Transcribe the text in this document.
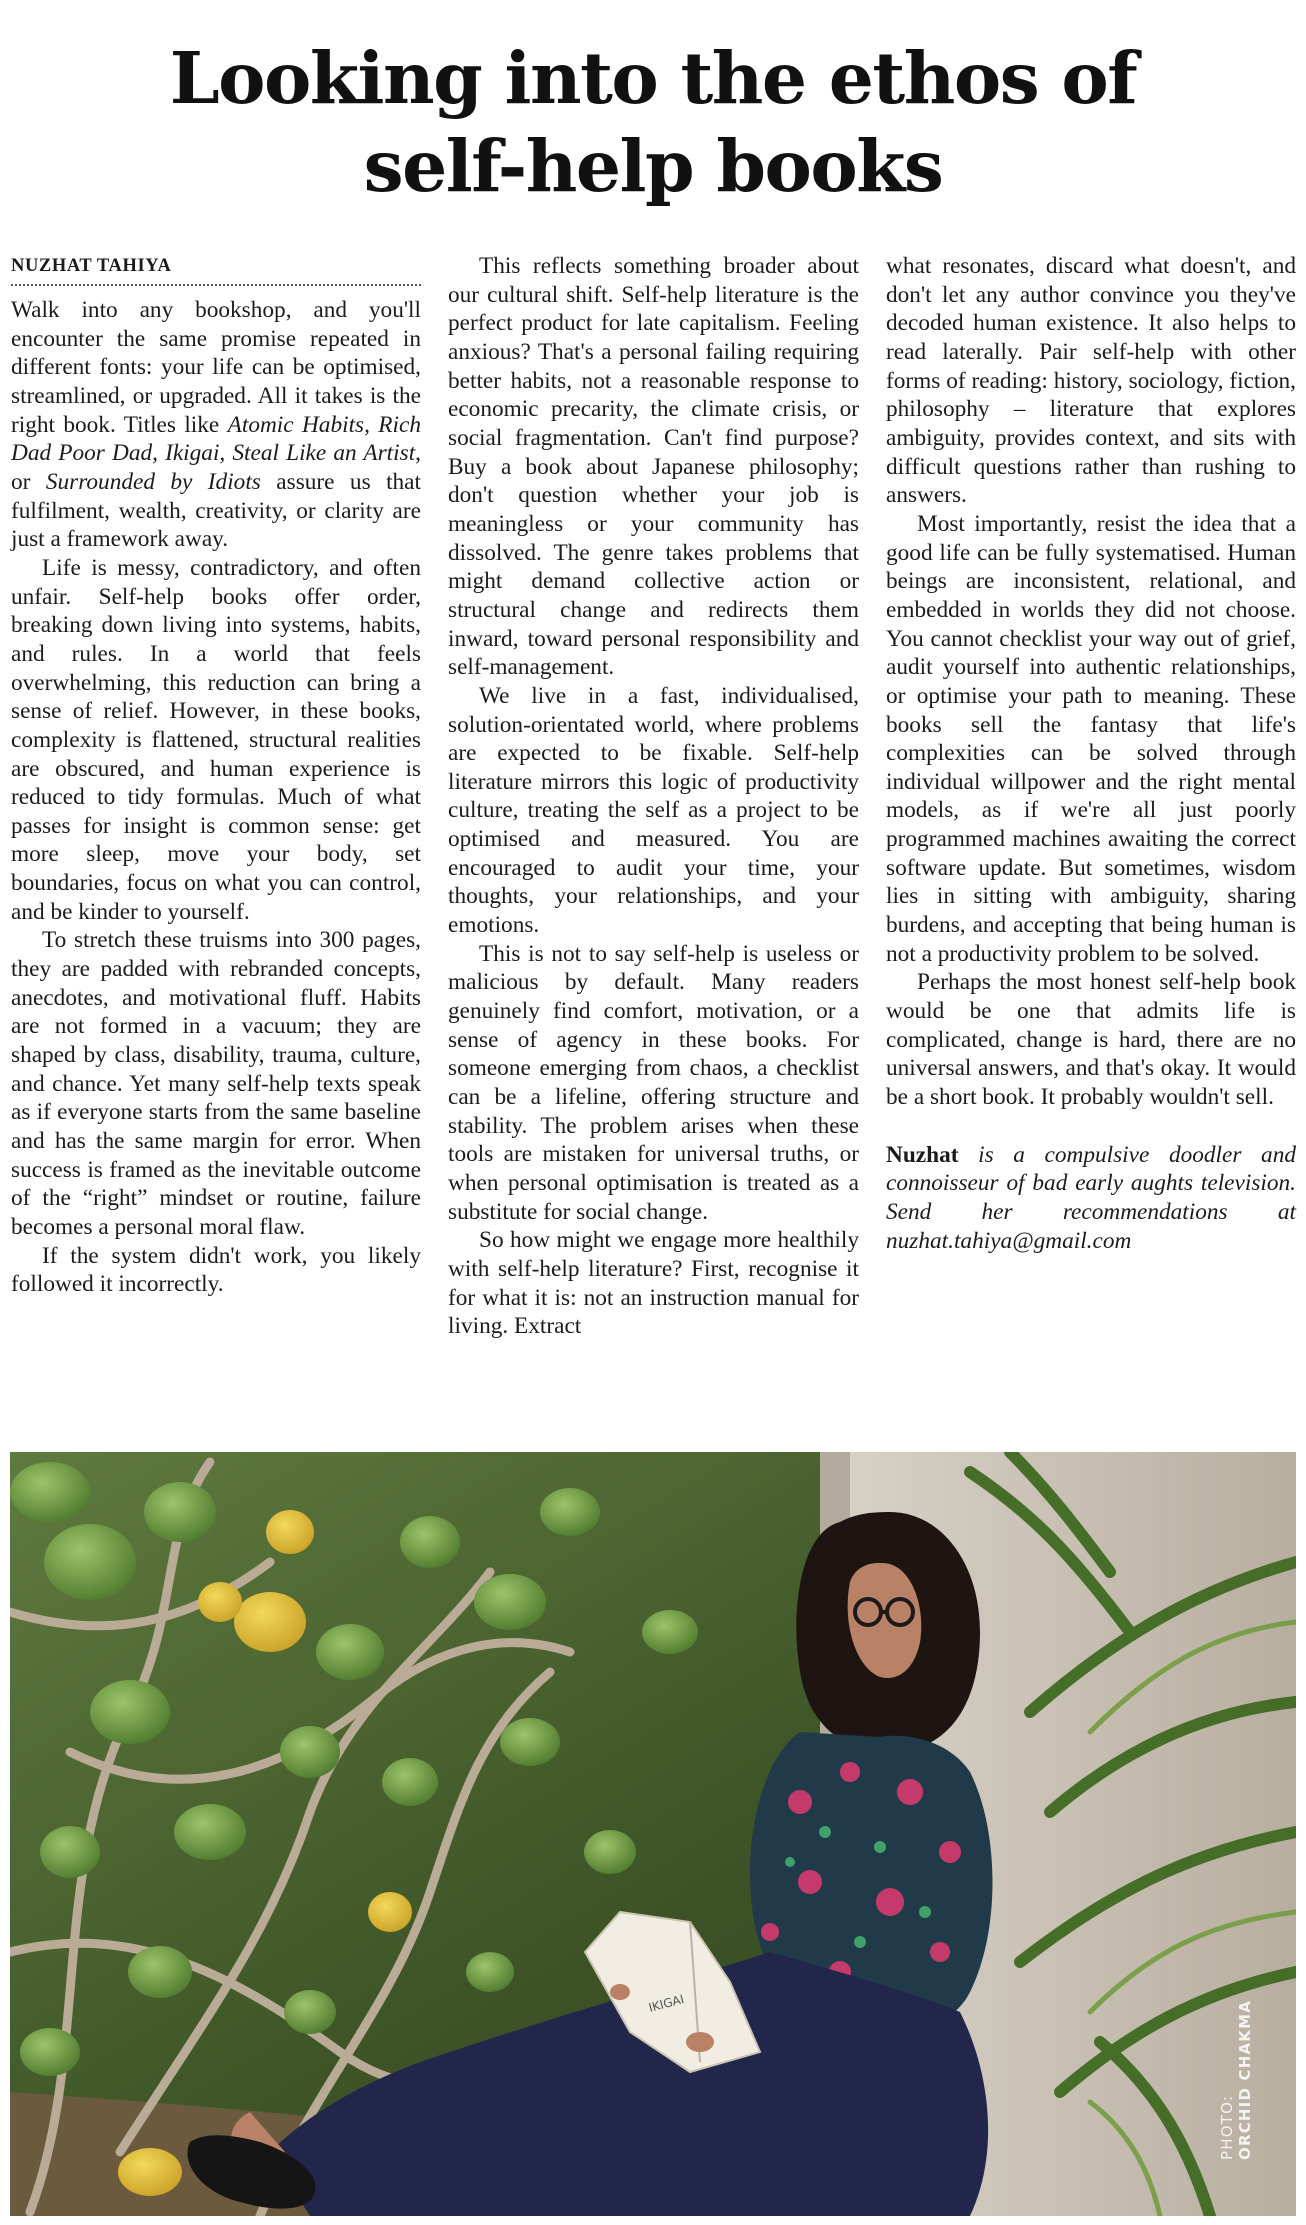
Looking into the ethos of
self-help books
NUZHAT TAHIYA

Walk into any bookshop, and you'll encounter the same promise repeated in different fonts: your life can be optimised, streamlined, or upgraded. All it takes is the right book. Titles like Atomic Habits, Rich Dad Poor Dad, Ikigai, Steal Like an Artist, or Surrounded by Idiots assure us that fulfilment, wealth, creativity, or clarity are just a framework away.

Life is messy, contradictory, and often unfair. Self-help books offer order, breaking down living into systems, habits, and rules. In a world that feels overwhelming, this reduction can bring a sense of relief. However, in these books, complexity is flattened, structural realities are obscured, and human experience is reduced to tidy formulas. Much of what passes for insight is common sense: get more sleep, move your body, set boundaries, focus on what you can control, and be kinder to yourself.

To stretch these truisms into 300 pages, they are padded with rebranded concepts, anecdotes, and motivational fluff. Habits are not formed in a vacuum; they are shaped by class, disability, trauma, culture, and chance. Yet many self-help texts speak as if everyone starts from the same baseline and has the same margin for error. When success is framed as the inevitable outcome of the “right” mindset or routine, failure becomes a personal moral flaw.

If the system didn't work, you likely followed it incorrectly.

This reflects something broader about our cultural shift. Self-help literature is the perfect product for late capitalism. Feeling anxious? That's a personal failing requiring better habits, not a reasonable response to economic precarity, the climate crisis, or social fragmentation. Can't find purpose? Buy a book about Japanese philosophy; don't question whether your job is meaningless or your community has dissolved. The genre takes problems that might demand collective action or structural change and redirects them inward, toward personal responsibility and self-management.

We live in a fast, individualised, solution-orientated world, where problems are expected to be fixable. Self-help literature mirrors this logic of productivity culture, treating the self as a project to be optimised and measured. You are encouraged to audit your time, your thoughts, your relationships, and your emotions.

This is not to say self-help is useless or malicious by default. Many readers genuinely find comfort, motivation, or a sense of agency in these books. For someone emerging from chaos, a checklist can be a lifeline, offering structure and stability. The problem arises when these tools are mistaken for universal truths, or when personal optimisation is treated as a substitute for social change.

So how might we engage more healthily with self-help literature? First, recognise it for what it is: not an instruction manual for living. Extract

what resonates, discard what doesn't, and don't let any author convince you they've decoded human existence. It also helps to read laterally. Pair self-help with other forms of reading: history, sociology, fiction, philosophy – literature that explores ambiguity, provides context, and sits with difficult questions rather than rushing to answers.

Most importantly, resist the idea that a good life can be fully systematised. Human beings are inconsistent, relational, and embedded in worlds they did not choose. You cannot checklist your way out of grief, audit yourself into authentic relationships, or optimise your path to meaning. These books sell the fantasy that life's complexities can be solved through individual willpower and the right mental models, as if we're all just poorly programmed machines awaiting the correct software update. But sometimes, wisdom lies in sitting with ambiguity, sharing burdens, and accepting that being human is not a productivity problem to be solved.

Perhaps the most honest self-help book would be one that admits life is complicated, change is hard, there are no universal answers, and that's okay. It would be a short book. It probably wouldn't sell.

Nuzhat is a compulsive doodler and connoisseur of bad early aughts television. Send her recommendations at nuzhat.tahiya@gmail.com

IKIGAI
PHOTO: ORCHID CHAKMA
